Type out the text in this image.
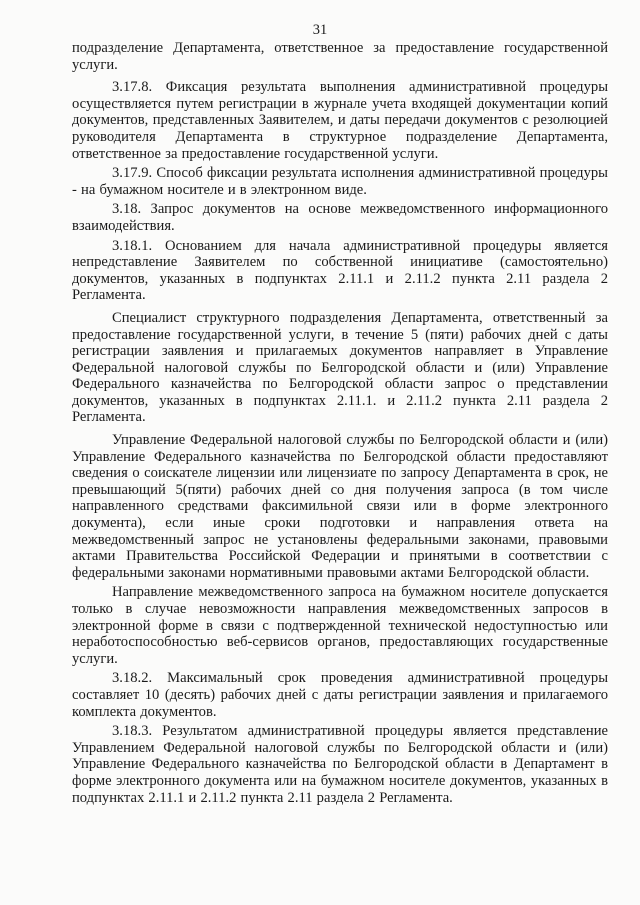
31

подразделение Департамента, ответственное за предоставление государственной услуги.

3.17.8. Фиксация результата выполнения административной процедуры осуществляется путем регистрации в журнале учета входящей документации копий документов, представленных Заявителем, и даты передачи документов с резолюцией руководителя Департамента в структурное подразделение Департамента, ответственное за предоставление государственной услуги.

3.17.9. Способ фиксации результата исполнения административной процедуры - на бумажном носителе и в электронном виде.

3.18. Запрос документов на основе межведомственного информационного взаимодействия.

3.18.1. Основанием для начала административной процедуры является непредставление Заявителем по собственной инициативе (самостоятельно) документов, указанных в подпунктах 2.11.1 и 2.11.2 пункта 2.11 раздела 2 Регламента.

Специалист структурного подразделения Департамента, ответственный за предоставление государственной услуги, в течение 5 (пяти) рабочих дней с даты регистрации заявления и прилагаемых документов направляет в Управление Федеральной налоговой службы по Белгородской области и (или) Управление Федерального казначейства по Белгородской области запрос о представлении документов, указанных в подпунктах 2.11.1. и 2.11.2 пункта 2.11 раздела 2 Регламента.

Управление Федеральной налоговой службы по Белгородской области и (или) Управление Федерального казначейства по Белгородской области предоставляют сведения о соискателе лицензии или лицензиате по запросу Департамента в срок, не превышающий 5(пяти) рабочих дней со дня получения запроса (в том числе направленного средствами факсимильной связи или в форме электронного документа), если иные сроки подготовки и направления ответа на межведомственный запрос не установлены федеральными законами, правовыми актами Правительства Российской Федерации и принятыми в соответствии с федеральными законами нормативными правовыми актами Белгородской области.

Направление межведомственного запроса на бумажном носителе допускается только в случае невозможности направления межведомственных запросов в электронной форме в связи с подтвержденной технической недоступностью или неработоспособностью веб-сервисов органов, предоставляющих государственные услуги.

3.18.2. Максимальный срок проведения административной процедуры составляет 10 (десять) рабочих дней с даты регистрации заявления и прилагаемого комплекта документов.

3.18.3. Результатом административной процедуры является представление Управлением Федеральной налоговой службы по Белгородской области и (или) Управление Федерального казначейства по Белгородской области в Департамент в форме электронного документа или на бумажном носителе документов, указанных в подпунктах 2.11.1 и 2.11.2 пункта 2.11 раздела 2 Регламента.
